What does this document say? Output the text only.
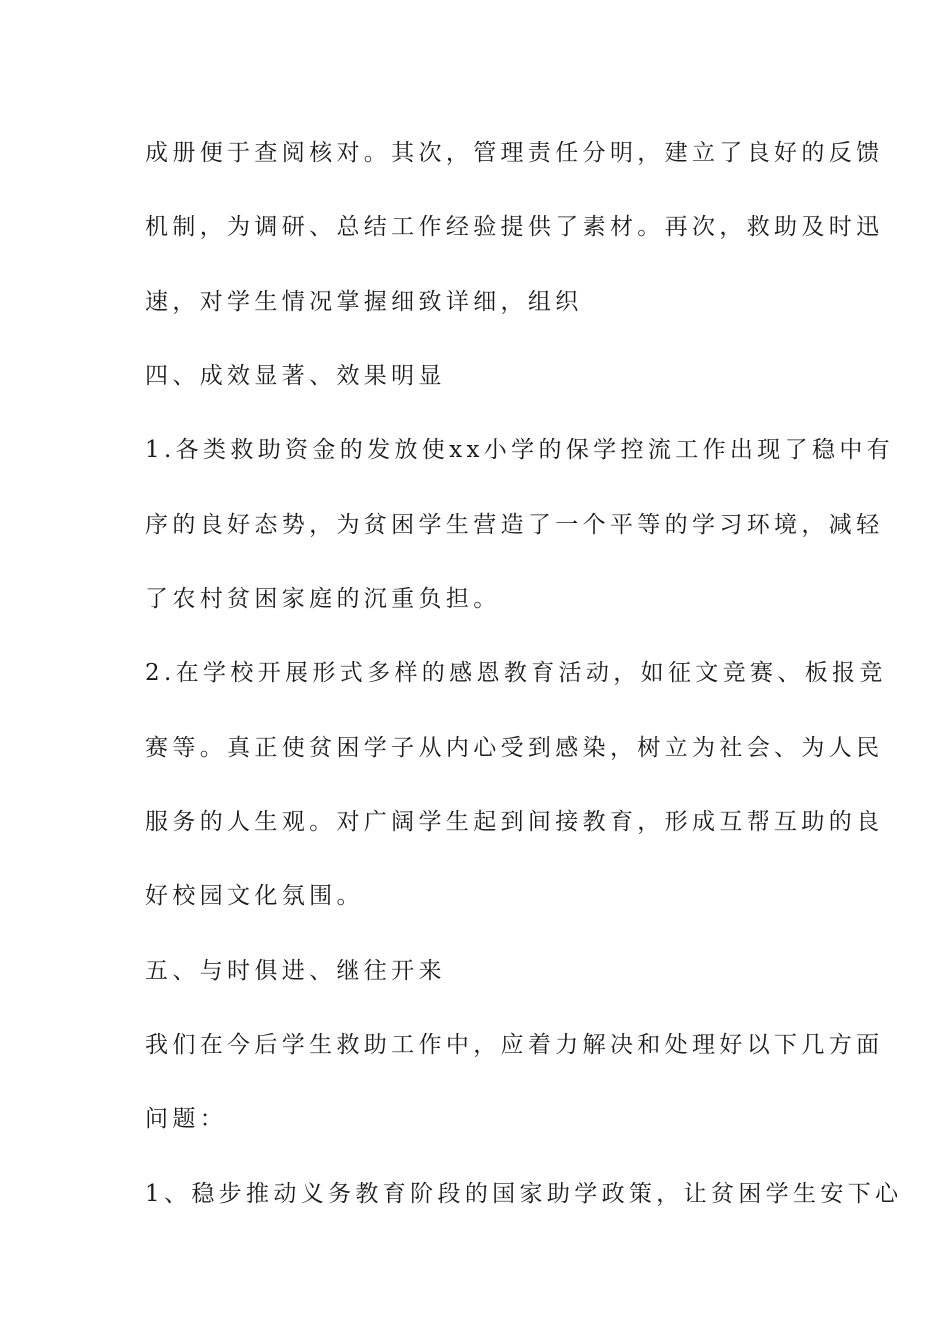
成册便于查阅核对。其次，管理责任分明，建立了良好的反馈
机制，为调研、总结工作经验提供了素材。再次，救助及时迅
速，对学生情况掌握细致详细，组织
四、成效显著、效果明显
1.各类救助资金的发放使xx小学的保学控流工作出现了稳中有
序的良好态势，为贫困学生营造了一个平等的学习环境，减轻
了农村贫困家庭的沉重负担。
2.在学校开展形式多样的感恩教育活动，如征文竞赛、板报竞
赛等。真正使贫困学子从内心受到感染，树立为社会、为人民
服务的人生观。对广阔学生起到间接教育，形成互帮互助的良
好校园文化氛围。
五、与时俱进、继往开来
我们在今后学生救助工作中，应着力解决和处理好以下几方面
问题：
1、稳步推动义务教育阶段的国家助学政策，让贫困学生安下心
